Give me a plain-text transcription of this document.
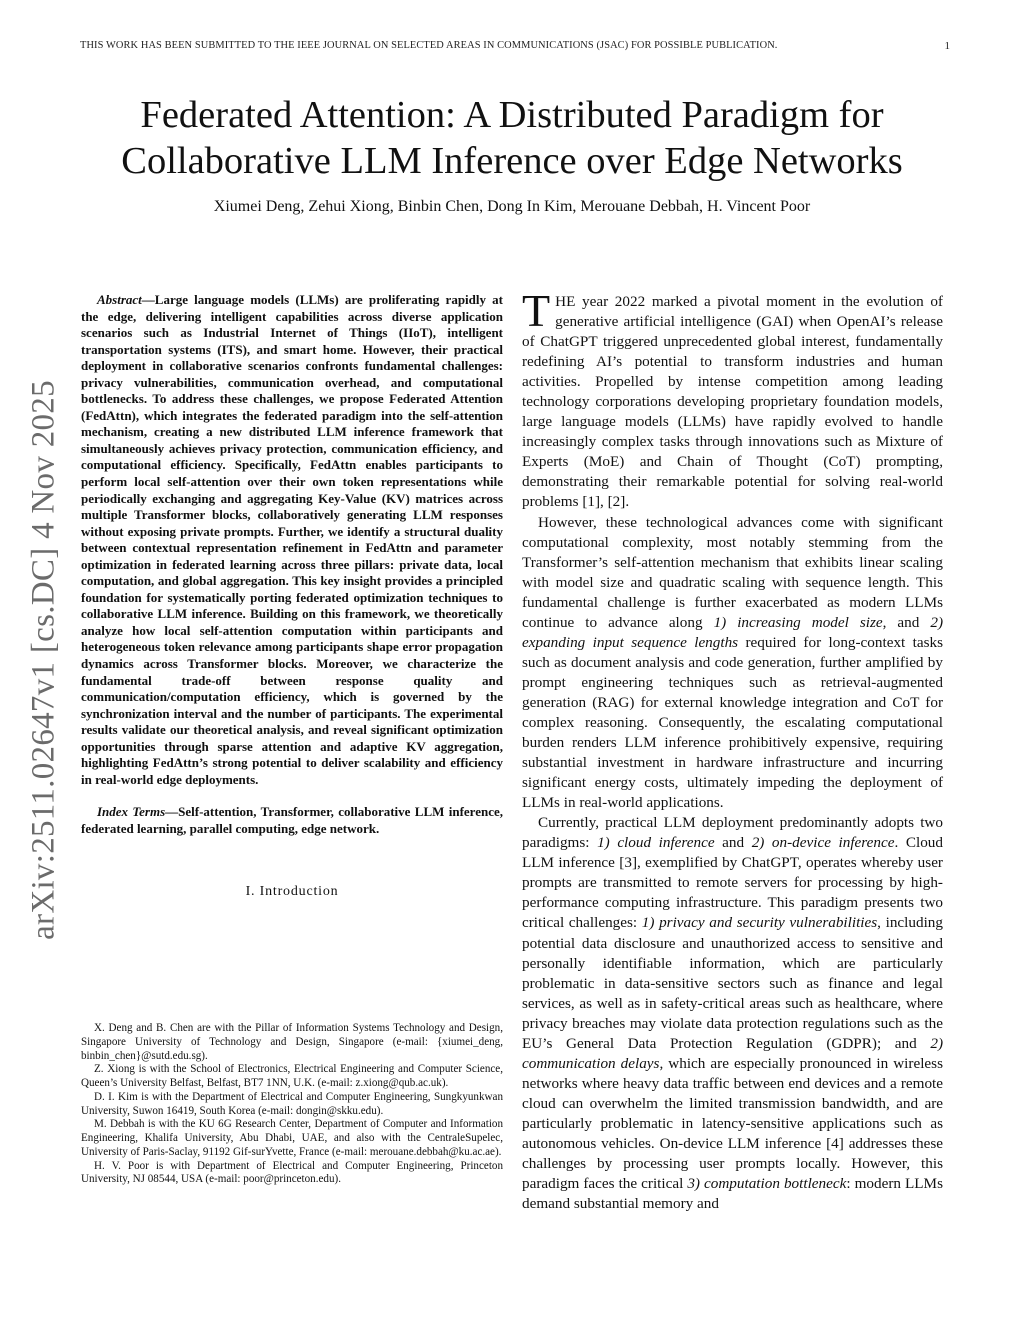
THIS WORK HAS BEEN SUBMITTED TO THE IEEE JOURNAL ON SELECTED AREAS IN COMMUNICATIONS (JSAC) FOR POSSIBLE PUBLICATION.	1
Federated Attention: A Distributed Paradigm for
Collaborative LLM Inference over Edge Networks
Xiumei Deng, Zehui Xiong, Binbin Chen, Dong In Kim, Merouane Debbah, H. Vincent Poor
arXiv:2511.02647v1 [cs.DC] 4 Nov 2025

Abstract—Large language models (LLMs) are proliferating rapidly at the edge, delivering intelligent capabilities across diverse application scenarios such as Industrial Internet of Things (IIoT), intelligent transportation systems (ITS), and smart home. However, their practical deployment in collaborative scenarios confronts fundamental challenges: privacy vulnerabilities, communication overhead, and computational bottlenecks. To address these challenges, we propose Federated Attention (FedAttn), which integrates the federated paradigm into the self-attention mechanism, creating a new distributed LLM inference framework that simultaneously achieves privacy protection, communication efficiency, and computational efficiency. Specifically, FedAttn enables participants to perform local self-attention over their own token representations while periodically exchanging and aggregating Key-Value (KV) matrices across multiple Transformer blocks, collaboratively generating LLM responses without exposing private prompts. Further, we identify a structural duality between contextual representation refinement in FedAttn and parameter optimization in federated learning across three pillars: private data, local computation, and global aggregation. This key insight provides a principled foundation for systematically porting federated optimization techniques to collaborative LLM inference. Building on this framework, we theoretically analyze how local self-attention computation within participants and heterogeneous token relevance among participants shape error propagation dynamics across Transformer blocks. Moreover, we characterize the fundamental trade-off between response quality and communication/computation efficiency, which is governed by the synchronization interval and the number of participants. The experimental results validate our theoretical analysis, and reveal significant optimization opportunities through sparse attention and adaptive KV aggregation, highlighting FedAttn’s strong potential to deliver scalability and efficiency in real-world edge deployments.

Index Terms—Self-attention, Transformer, collaborative LLM inference, federated learning, parallel computing, edge network.

I. Introduction

X. Deng and B. Chen are with the Pillar of Information Systems Technology and Design, Singapore University of Technology and Design, Singapore (e-mail: {xiumei_deng, binbin_chen}@sutd.edu.sg).

Z. Xiong is with the School of Electronics, Electrical Engineering and Computer Science, Queen’s University Belfast, Belfast, BT7 1NN, U.K. (e-mail: z.xiong@qub.ac.uk).

D. I. Kim is with the Department of Electrical and Computer Engineering, Sungkyunkwan University, Suwon 16419, South Korea (e-mail: dongin@skku.edu).

M. Debbah is with the KU 6G Research Center, Department of Computer and Information Engineering, Khalifa University, Abu Dhabi, UAE, and also with the CentraleSupelec, University of Paris-Saclay, 91192 Gif-surYvette, France (e-mail: merouane.debbah@ku.ac.ae).

H. V. Poor is with Department of Electrical and Computer Engineering, Princeton University, NJ 08544, USA (e-mail: poor@princeton.edu).

THE year 2022 marked a pivotal moment in the evolution of generative artificial intelligence (GAI) when OpenAI’s release of ChatGPT triggered unprecedented global interest, fundamentally redefining AI’s potential to transform industries and human activities. Propelled by intense competition among leading technology corporations developing proprietary foundation models, large language models (LLMs) have rapidly evolved to handle increasingly complex tasks through innovations such as Mixture of Experts (MoE) and Chain of Thought (CoT) prompting, demonstrating their remarkable potential for solving real-world problems [1], [2].

However, these technological advances come with significant computational complexity, most notably stemming from the Transformer’s self-attention mechanism that exhibits linear scaling with model size and quadratic scaling with sequence length. This fundamental challenge is further exacerbated as modern LLMs continue to advance along 1) increasing model size, and 2) expanding input sequence lengths required for long-context tasks such as document analysis and code generation, further amplified by prompt engineering techniques such as retrieval-augmented generation (RAG) for external knowledge integration and CoT for complex reasoning. Consequently, the escalating computational burden renders LLM inference prohibitively expensive, requiring substantial investment in hardware infrastructure and incurring significant energy costs, ultimately impeding the deployment of LLMs in real-world applications.

Currently, practical LLM deployment predominantly adopts two paradigms: 1) cloud inference and 2) on-device inference. Cloud LLM inference [3], exemplified by ChatGPT, operates whereby user prompts are transmitted to remote servers for processing by high-performance computing infrastructure. This paradigm presents two critical challenges: 1) privacy and security vulnerabilities, including potential data disclosure and unauthorized access to sensitive and personally identifiable information, which are particularly problematic in data-sensitive sectors such as finance and legal services, as well as in safety-critical areas such as healthcare, where privacy breaches may violate data protection regulations such as the EU’s General Data Protection Regulation (GDPR); and 2) communication delays, which are especially pronounced in wireless networks where heavy data traffic between end devices and a remote cloud can overwhelm the limited transmission bandwidth, and are particularly problematic in latency-sensitive applications such as autonomous vehicles. On-device LLM inference [4] addresses these challenges by processing user prompts locally. However, this paradigm faces the critical 3) computation bottleneck: modern LLMs demand substantial memory and
